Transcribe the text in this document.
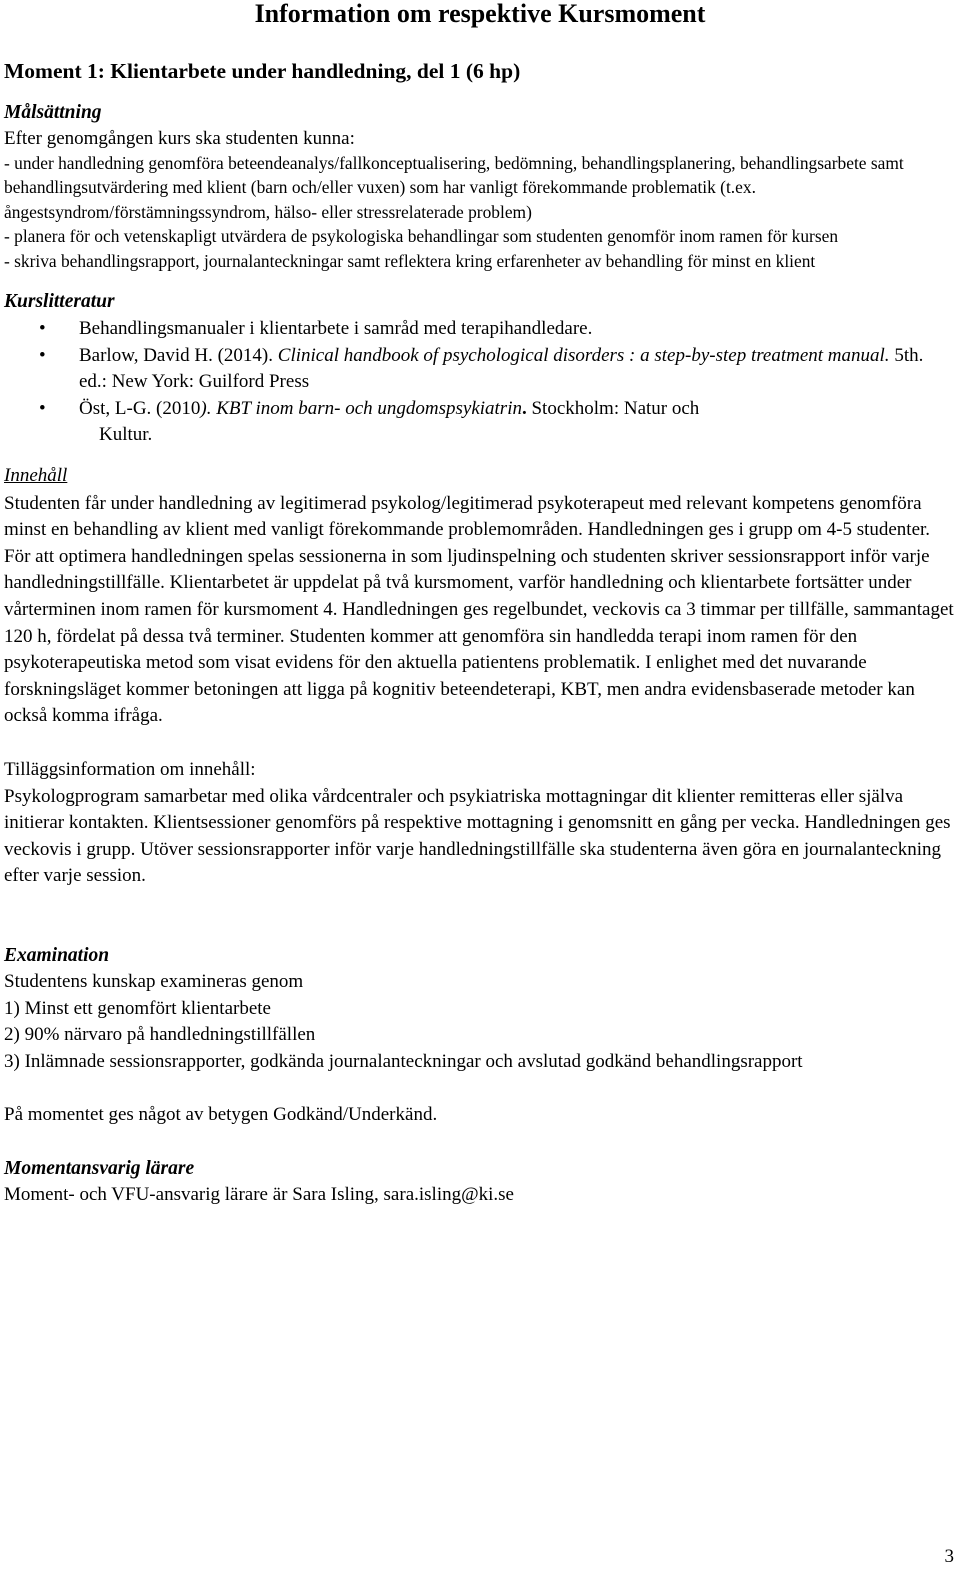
Information om respektive Kursmoment
Moment 1: Klientarbete under handledning, del 1 (6 hp)
Målsättning
Efter genomgången kurs ska studenten kunna:
- under handledning genomföra beteendeanalys/fallkonceptualisering, bedömning, behandlingsplanering, behandlingsarbete samt behandlingsutvärdering med klient (barn och/eller vuxen) som har vanligt förekommande problematik (t.ex. ångestsyndrom/förstämningssyndrom, hälso- eller stressrelaterade problem)
- planera för och vetenskapligt utvärdera de psykologiska behandlingar som studenten genomför inom ramen för kursen
- skriva behandlingsrapport, journalanteckningar samt reflektera kring erfarenheter av behandling för minst en klient
Kurslitteratur
• Behandlingsmanualer i klientarbete i samråd med terapihandledare.
• Barlow, David H. (2014). Clinical handbook of psychological disorders : a step-by-step treatment manual. 5th. ed.: New York: Guilford Press
• Öst, L-G. (2010). KBT inom barn- och ungdomspsykiatrin. Stockholm: Natur och
Kultur.
Innehåll
Studenten får under handledning av legitimerad psykolog/legitimerad psykoterapeut med relevant kompetens genomföra minst en behandling av klient med vanligt förekommande problemområden. Handledningen ges i grupp om 4-5 studenter. För att optimera handledningen spelas sessionerna in som ljudinspelning och studenten skriver sessionsrapport inför varje handledningstillfälle. Klientarbetet är uppdelat på två kursmoment, varför handledning och klientarbete fortsätter under vårterminen inom ramen för kursmoment 4. Handledningen ges regelbundet, veckovis ca 3 timmar per tillfälle, sammantaget 120 h, fördelat på dessa två terminer. Studenten kommer att genomföra sin handledda terapi inom ramen för den psykoterapeutiska metod som visat evidens för den aktuella patientens problematik. I enlighet med det nuvarande forskningsläget kommer betoningen att ligga på kognitiv beteendeterapi, KBT, men andra evidensbaserade metoder kan också komma ifråga.
Tilläggsinformation om innehåll:
Psykologprogram samarbetar med olika vårdcentraler och psykiatriska mottagningar dit klienter remitteras eller själva initierar kontakten. Klientsessioner genomförs på respektive mottagning i genomsnitt en gång per vecka. Handledningen ges veckovis i grupp. Utöver sessionsrapporter inför varje handledningstillfälle ska studenterna även göra en journalanteckning efter varje session.
Examination
Studentens kunskap examineras genom
1) Minst ett genomfört klientarbete
2) 90% närvaro på handledningstillfällen
3) Inlämnade sessionsrapporter, godkända journalanteckningar och avslutad godkänd behandlingsrapport
På momentet ges något av betygen Godkänd/Underkänd.
Momentansvarig lärare
Moment- och VFU-ansvarig lärare är Sara Isling, sara.isling@ki.se
3
